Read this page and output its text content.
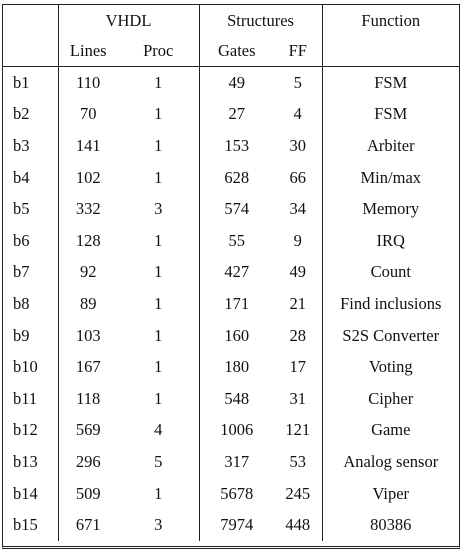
	VHDL		Structures		Function
	Lines	Proc	Gates	FF	
b1	110	1	49	5	FSM
b2	70	1	27	4	FSM
b3	141	1	153	30	Arbiter
b4	102	1	628	66	Min/max
b5	332	3	574	34	Memory
b6	128	1	55	9	IRQ
b7	92	1	427	49	Count
b8	89	1	171	21	Find inclusions
b9	103	1	160	28	S2S Converter
b10	167	1	180	17	Voting
b11	118	1	548	31	Cipher
b12	569	4	1006	121	Game
b13	296	5	317	53	Analog sensor
b14	509	1	5678	245	Viper
b15	671	3	7974	448	80386
